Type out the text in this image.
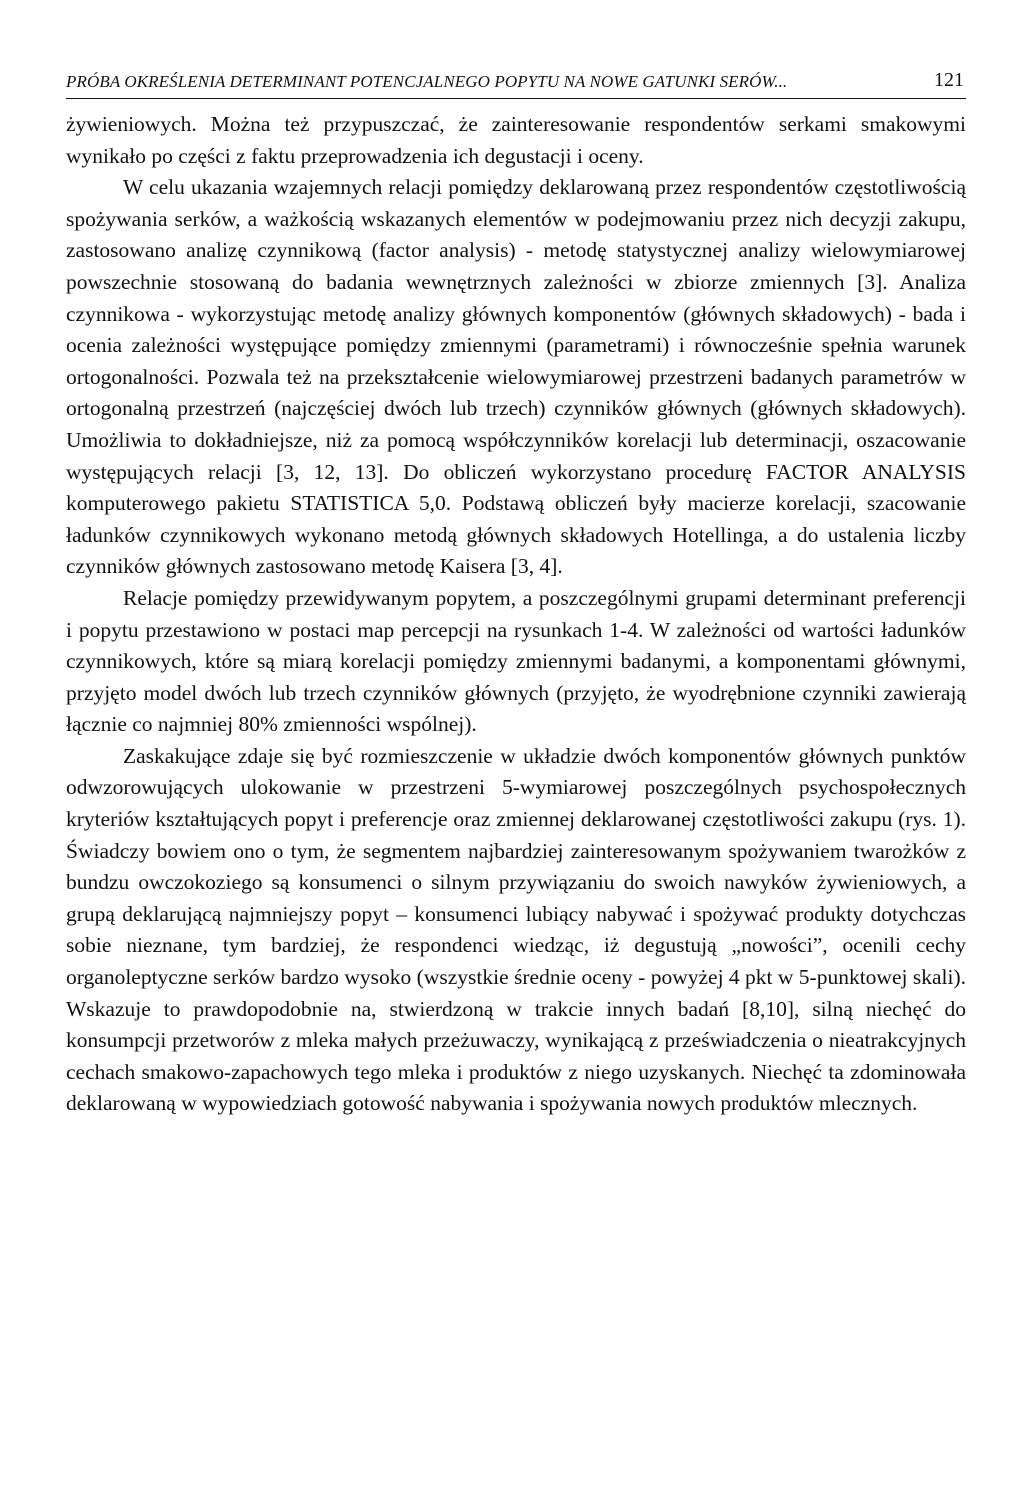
PRÓBA OKREŚLENIA DETERMINANT POTENCJALNEGO POPYTU NA NOWE GATUNKI SERÓW...	121

żywieniowych. Można też przypuszczać, że zainteresowanie respondentów serkami smakowymi wynikało po części z faktu przeprowadzenia ich degustacji i oceny.

W celu ukazania wzajemnych relacji pomiędzy deklarowaną przez respondentów częstotliwością spożywania serków, a ważkością wskazanych elementów w podejmowaniu przez nich decyzji zakupu, zastosowano analizę czynnikową (factor analysis) - metodę statystycznej analizy wielowymiarowej powszechnie stosowaną do badania wewnętrznych zależności w zbiorze zmiennych [3]. Analiza czynnikowa - wykorzystując metodę analizy głównych komponentów (głównych składowych) - bada i ocenia zależności występujące pomiędzy zmiennymi (parametrami) i równocześnie spełnia warunek ortogonalności. Pozwala też na przekształcenie wielowymiarowej przestrzeni badanych parametrów w ortogonalną przestrzeń (najczęściej dwóch lub trzech) czynników głównych (głównych składowych). Umożliwia to dokładniejsze, niż za pomocą współczynników korelacji lub determinacji, oszacowanie występujących relacji [3, 12, 13]. Do obliczeń wykorzystano procedurę FACTOR ANALYSIS komputerowego pakietu STATISTICA 5,0. Podstawą obliczeń były macierze korelacji, szacowanie ładunków czynnikowych wykonano metodą głównych składowych Hotellinga, a do ustalenia liczby czynników głównych zastosowano metodę Kaisera [3, 4].

Relacje pomiędzy przewidywanym popytem, a poszczególnymi grupami determinant preferencji i popytu przestawiono w postaci map percepcji na rysunkach 1-4. W zależności od wartości ładunków czynnikowych, które są miarą korelacji pomiędzy zmiennymi badanymi, a komponentami głównymi, przyjęto model dwóch lub trzech czynników głównych (przyjęto, że wyodrębnione czynniki zawierają łącznie co najmniej 80% zmienności wspólnej).

Zaskakujące zdaje się być rozmieszczenie w układzie dwóch komponentów głównych punktów odwzorowujących ulokowanie w przestrzeni 5-wymiarowej poszczególnych psychospołecznych kryteriów kształtujących popyt i preferencje oraz zmiennej deklarowanej częstotliwości zakupu (rys. 1). Świadczy bowiem ono o tym, że segmentem najbardziej zainteresowanym spożywaniem twarożków z bundzu owczokoziego są konsumenci o silnym przywiązaniu do swoich nawyków żywieniowych, a grupą deklarującą najmniejszy popyt – konsumenci lubiący nabywać i spożywać produkty dotychczas sobie nieznane, tym bardziej, że respondenci wiedząc, iż degustują „nowości”, ocenili cechy organoleptyczne serków bardzo wysoko (wszystkie średnie oceny - powyżej 4 pkt w 5-punktowej skali). Wskazuje to prawdopodobnie na, stwierdzoną w trakcie innych badań [8,10], silną niechęć do konsumpcji przetworów z mleka małych przeżuwaczy, wynikającą z przeświadczenia o nieatrakcyjnych cechach smakowo-zapachowych tego mleka i produktów z niego uzyskanych. Niechęć ta zdominowała deklarowaną w wypowiedziach gotowość nabywania i spożywania nowych produktów mlecznych.
